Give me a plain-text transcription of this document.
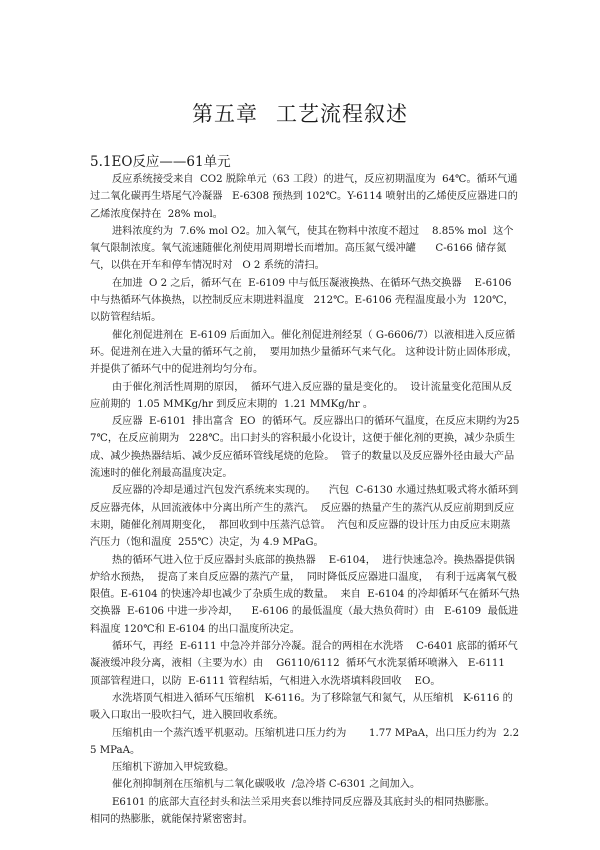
第五章 工艺流程叙述
5.1EO反应——61单元

反应系统接受来自  CO2 脱除单元（63 工段）的进气，反应初期温度为  64℃。循环气通过二氧化碳再生塔尾气冷凝器   E-6308 预热到 102℃。Y-6114 喷射出的乙烯使反应器进口的乙烯浓度保持在  28% mol。

进料浓度约为  7.6% mol O2。加入氧气，使其在物料中浓度不超过    8.85% mol  这个氧气限制浓度。氧气流速随催化剂使用周期增长而增加。高压氮气缓冲罐      C-6166 储存氮气，以供在开车和停车情况时对   O 2 系统的清扫。

在加进  O 2 之后，循环气在  E-6109 中与低压凝液换热、在循环气热交换器    E-6106 中与热循环气体换热，以控制反应末期进料温度   212℃。E-6106 壳程温度最小为  120℃，以防管程结垢。

催化剂促进剂在  E-6109 后面加入。催化剂促进剂经泵（ G-6606/7）以液相进入反应循环。促进剂在进入大量的循环气之前，  要用加热少量循环气来气化。 这种设计防止固体形成，并提供了循环气中的促进剂均匀分布。

由于催化剂活性周期的原因，  循环气进入反应器的量是变化的。  设计流量变化范围从反应前期的  1.05 MMKg/hr 到反应末期的  1.21 MMKg/hr 。

反应器  E-6101  排出富含  EO  的循环气。反应器出口的循环气温度，在反应末期约为257℃，在反应前期为   228℃。出口封头的容积最小化设计，这便于催化剂的更换，减少杂质生

成、减少换热器结垢、减少反应循环管线尾烧的危险。  管子的数量以及反应器外径由最大产品流速时的催化剂最高温度决定。

反应器的冷却是通过汽包发汽系统来实现的。    汽包  C-6130 水通过热虹吸式将水循环到反应器壳体，从回流液体中分离出所产生的蒸汽。  反应器的热量产生的蒸汽从反应前期到反应末期，随催化剂周期变化，  都回收到中压蒸汽总管。  汽包和反应器的设计压力由反应末期蒸汽压力（饱和温度  255℃）决定，为 4.9 MPaG。

热的循环气进入位于反应器封头底部的换热器    E-6104，  进行快速急冷。换热器提供锅炉给水预热，  提高了来自反应器的蒸汽产量，  同时降低反应器进口温度，  有利于远离氧气极限值。E-6104 的快速冷却也减少了杂质生成的数量。  来自  E-6104 的冷却循环气在循环气热交换器  E-6106 中进一步冷却，    E-6106 的最低温度（最大热负荷时）由   E-6109  最低进料温度 120℃和 E-6104 的出口温度所决定。

循环气，再经  E-6111 中急冷并部分冷凝。混合的两相在水洗塔    C-6401 底部的循环气凝液缓冲段分离，液相（主要为水）由    G6110/6112  循环气水洗泵循环喷淋入   E-6111  顶部管程进口，以防  E-6111 管程结垢，气相进入水洗塔填料段回收    EO。

水洗塔顶气相进入循环气压缩机   K-6116。为了移除氩气和氮气，从压缩机   K-6116 的吸入口取出一股吹扫气，进入膜回收系统。

压缩机由一个蒸汽透平机驱动。压缩机进口压力约为       1.77 MPaA，出口压力约为  2.25 MPaA。

压缩机下游加入甲烷致稳。

催化剂抑制剂在压缩机与二氧化碳吸收  /急冷塔 C-6301 之间加入。

E6101 的底部大直径封头和法兰采用夹套以维持同反应器及其底封头的相同热膨胀。     相同的热膨胀，就能保持紧密密封。
